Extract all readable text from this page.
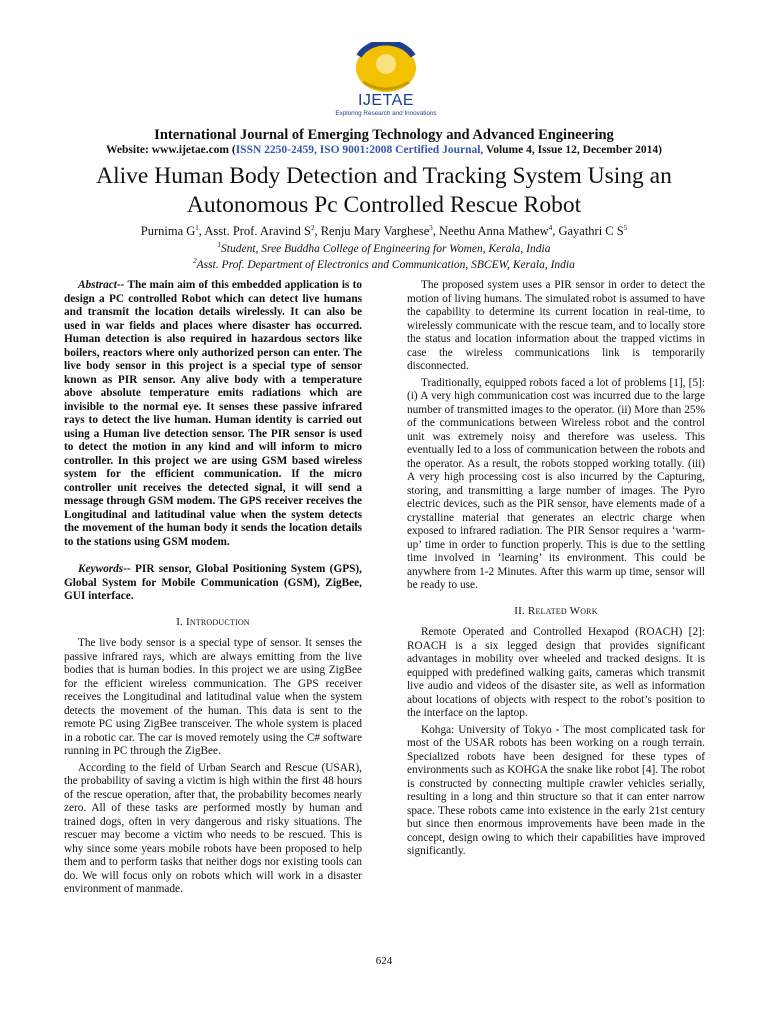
IJETAE
Exploring Research and Innovations
International Journal of Emerging Technology and Advanced Engineering
Website: www.ijetae.com (ISSN 2250-2459, ISO 9001:2008 Certified Journal, Volume 4, Issue 12, December 2014)
Alive Human Body Detection and Tracking System Using an Autonomous Pc Controlled Rescue Robot
Purnima $G^1$, Asst. Prof. Aravind $S^2$, Renju Mary Varghese$^3$, Neethu Anna Mathew$^4$, Gayathri C $S^5$
$^1$Student, Sree Buddha College of Engineering for Women, Kerala, India
$^2$Asst. Prof. Department of Electronics and Communication, SBCEW, Kerala, India

Abstract-- The main aim of this embedded application is to design a PC controlled Robot which can detect live humans and transmit the location details wirelessly. It can also be used in war fields and places where disaster has occurred. Human detection is also required in hazardous sectors like boilers, reactors where only authorized person can enter. The live body sensor in this project is a special type of sensor known as PIR sensor. Any alive body with a temperature above absolute temperature emits radiations which are invisible to the normal eye. It senses these passive infrared rays to detect the live human. Human identity is carried out using a Human live detection sensor. The PIR sensor is used to detect the motion in any kind and will inform to micro controller. In this project we are using GSM based wireless system for the efficient communication. If the micro controller unit receives the detected signal, it will send a message through GSM modem. The GPS receiver receives the Longitudinal and latitudinal value when the system detects the movement of the human body it sends the location details to the stations using GSM modem.

Keywords-- PIR sensor, Global Positioning System (GPS), Global System for Mobile Communication (GSM), ZigBee, GUI interface.

I. Introduction

The live body sensor is a special type of sensor. It senses the passive infrared rays, which are always emitting from the live bodies that is human bodies. In this project we are using ZigBee for the efficient wireless communication. The GPS receiver receives the Longitudinal and latitudinal value when the system detects the movement of the human. This data is sent to the remote PC using ZigBee transceiver. The whole system is placed in a robotic car. The car is moved remotely using the C# software running in PC through the ZigBee.

According to the field of Urban Search and Rescue (USAR), the probability of saving a victim is high within the first 48 hours of the rescue operation, after that, the probability becomes nearly zero. All of these tasks are performed mostly by human and trained dogs, often in very dangerous and risky situations. The rescuer may become a victim who needs to be rescued. This is why since some years mobile robots have been proposed to help them and to perform tasks that neither dogs nor existing tools can do. We will focus only on robots which will work in a disaster environment of manmade.

The proposed system uses a PIR sensor in order to detect the motion of living humans. The simulated robot is assumed to have the capability to determine its current location in real-time, to wirelessly communicate with the rescue team, and to locally store the status and location information about the trapped victims in case the wireless communications link is temporarily disconnected.

Traditionally, equipped robots faced a lot of problems [1], [5]: (i) A very high communication cost was incurred due to the large number of transmitted images to the operator. (ii) More than 25% of the communications between Wireless robot and the control unit was extremely noisy and therefore was useless. This eventually led to a loss of communication between the robots and the operator. As a result, the robots stopped working totally. (iii) A very high processing cost is also incurred by the Capturing, storing, and transmitting a large number of images. The Pyro electric devices, such as the PIR sensor, have elements made of a crystalline material that generates an electric charge when exposed to infrared radiation. The PIR Sensor requires a ‘warm-up’ time in order to function properly. This is due to the settling time involved in ‘learning’ its environment. This could be anywhere from 1-2 Minutes. After this warm up time, sensor will be ready to use.

II. Related Work

Remote Operated and Controlled Hexapod (ROACH) [2]: ROACH is a six legged design that provides significant advantages in mobility over wheeled and tracked designs. It is equipped with predefined walking gaits, cameras which transmit live audio and videos of the disaster site, as well as information about locations of objects with respect to the robot’s position to the interface on the laptop.

Kohga: University of Tokyo - The most complicated task for most of the USAR robots has been working on a rough terrain. Specialized robots have been designed for these types of environments such as KOHGA the snake like robot [4]. The robot is constructed by connecting multiple crawler vehicles serially, resulting in a long and thin structure so that it can enter narrow space. These robots came into existence in the early 21st century but since then enormous improvements have been made in the concept, design owing to which their capabilities have improved significantly.

624
